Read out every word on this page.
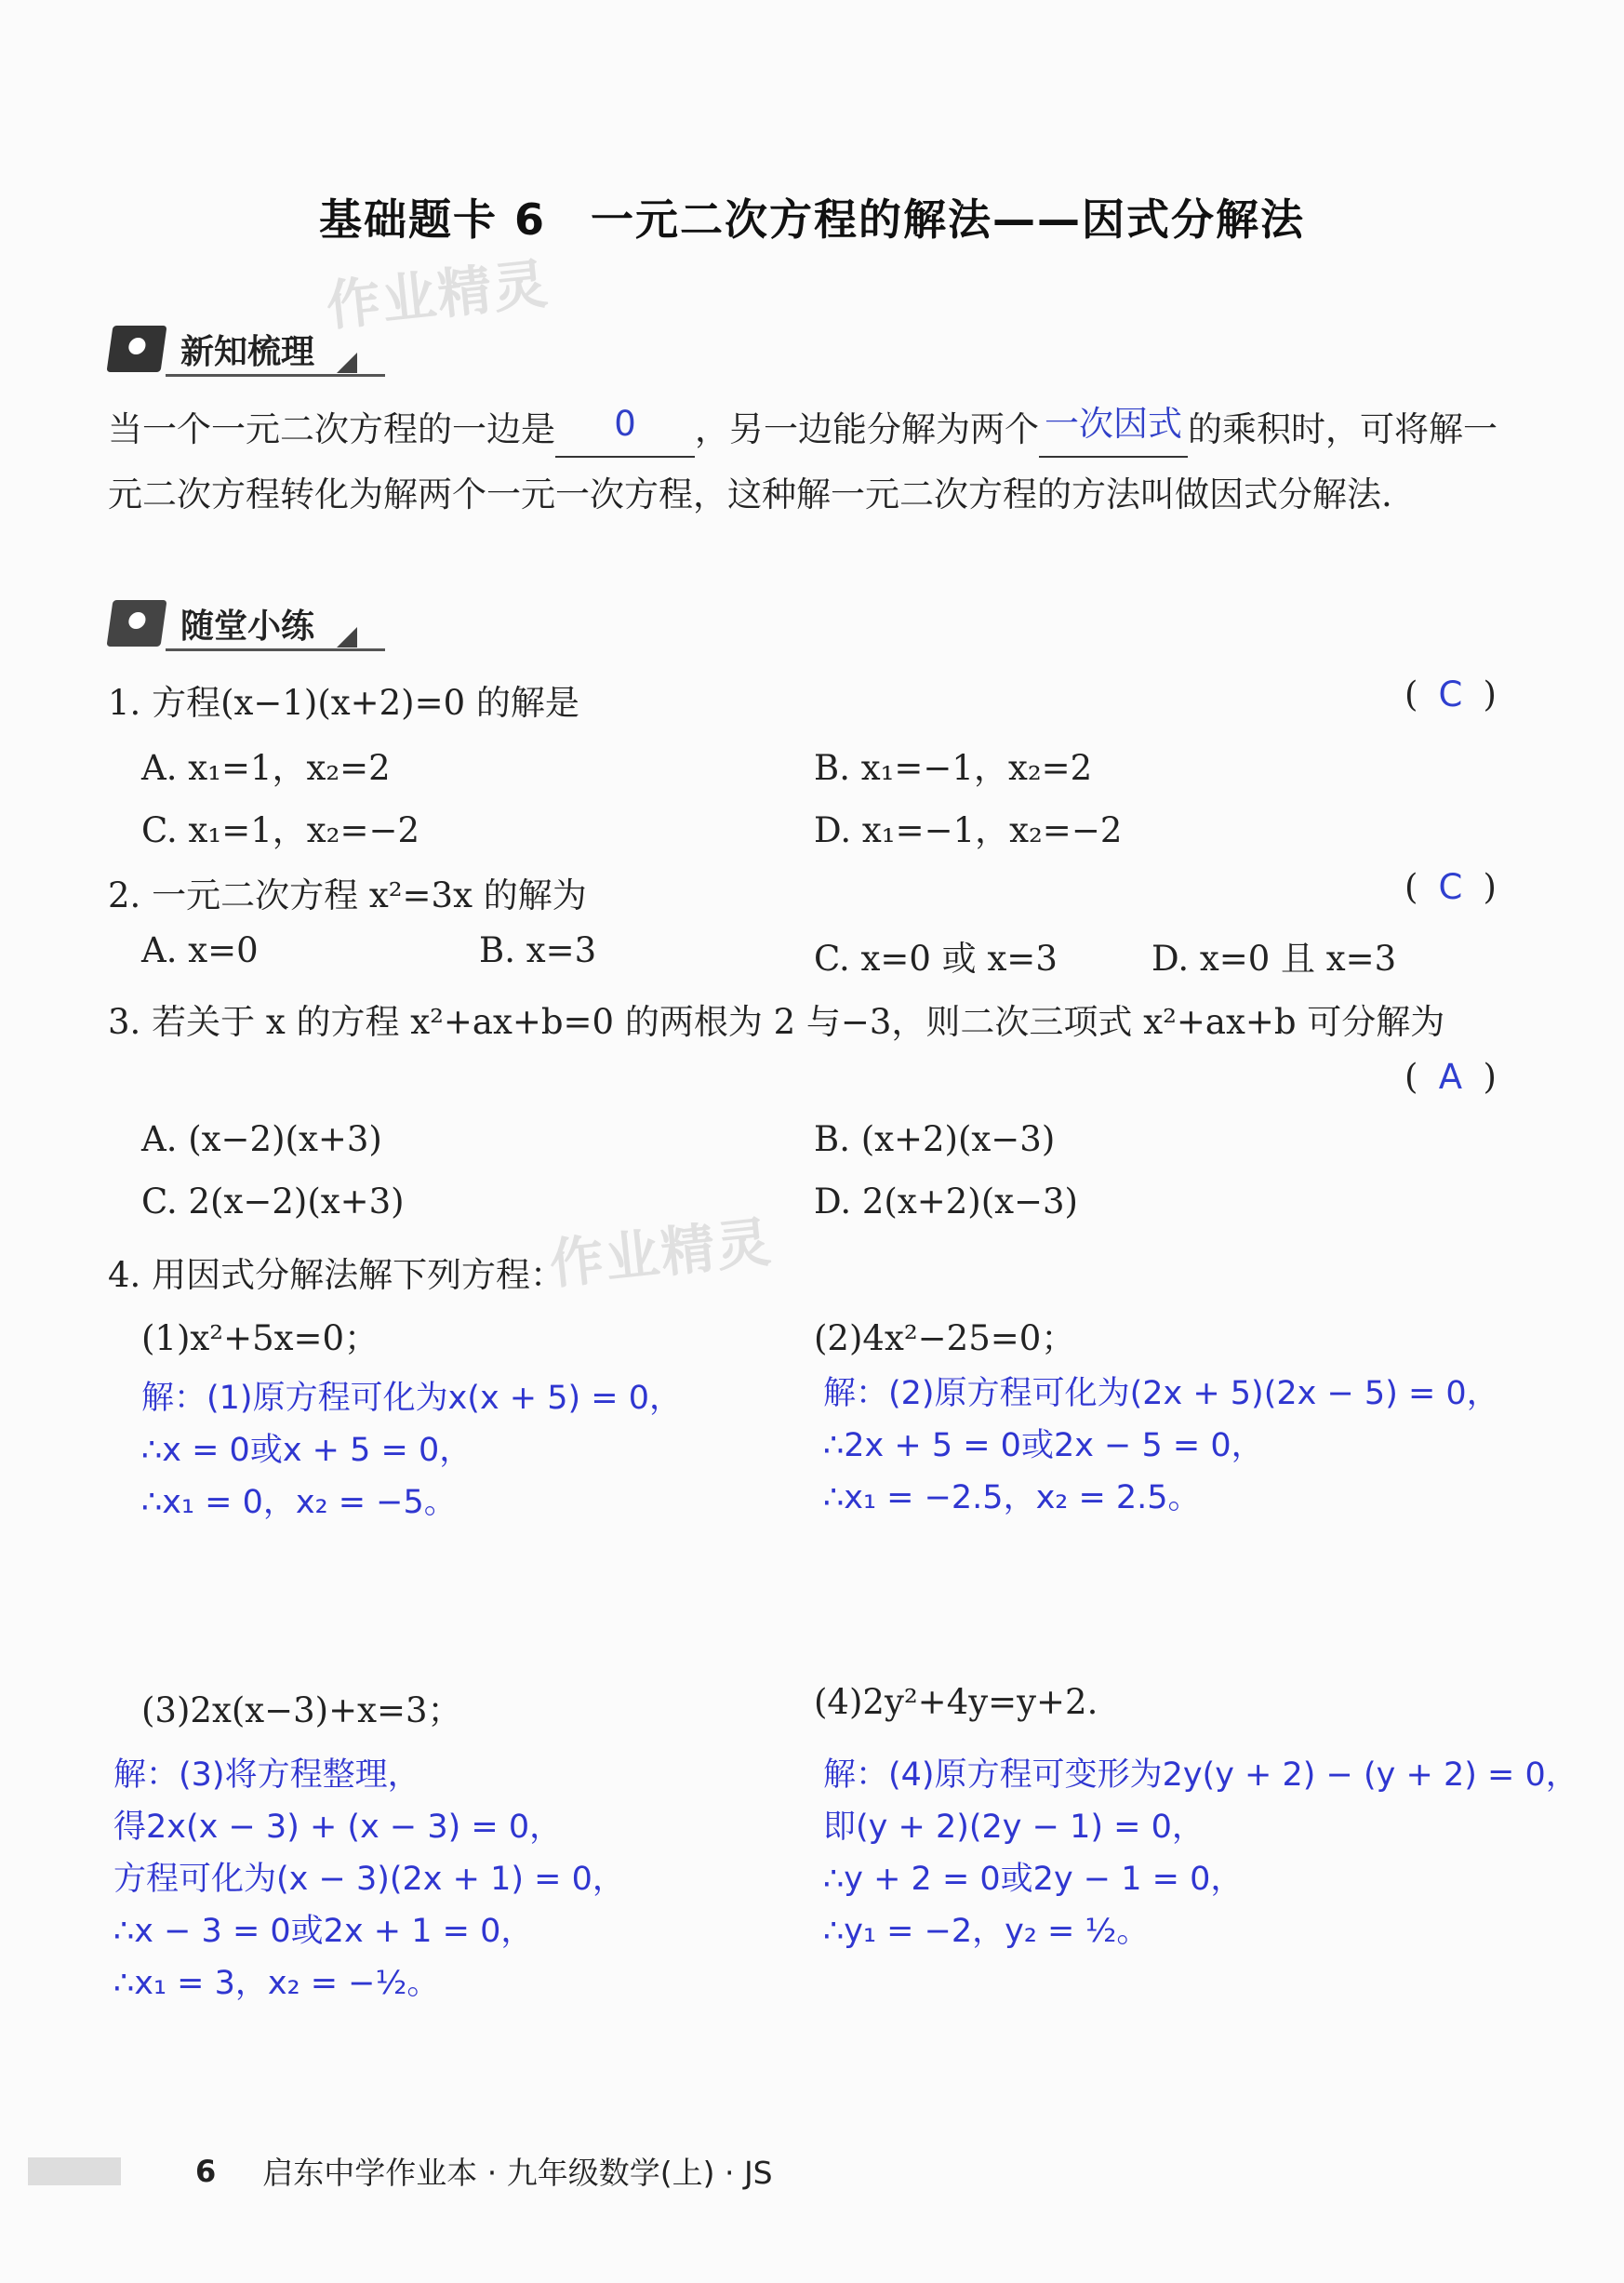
基础题卡 6　一元二次方程的解法——因式分解法
作业精灵
作业精灵
新知梳理
当一个一元二次方程的一边是 0 ，另一边能分解为两个 一次因式 的乘积时，可将解一元二次方程转化为解两个一元一次方程，这种解一元二次方程的方法叫做因式分解法.
随堂小练
1. 方程(x−1)(x+2)=0 的解是	( C )
A. x₁=1，x₂=2	B. x₁=−1，x₂=2
C. x₁=1，x₂=−2	D. x₁=−1，x₂=−2
2. 一元二次方程 x²=3x 的解为	( C )
A. x=0	B. x=3	C. x=0 或 x=3	D. x=0 且 x=3
3. 若关于 x 的方程 x²+ax+b=0 的两根为 2 与−3，则二次三项式 x²+ax+b 可分解为
( A )
A. (x−2)(x+3)	B. (x+2)(x−3)
C. 2(x−2)(x+3)	D. 2(x+2)(x−3)
4. 用因式分解法解下列方程：
(1)x²+5x=0；	(2)4x²−25=0；
解：(1)原方程可化为x(x + 5) = 0，
∴x = 0或x + 5 = 0，
∴x₁ = 0，x₂ = −5。
解：(2)原方程可化为(2x + 5)(2x − 5) = 0，
∴2x + 5 = 0或2x − 5 = 0，
∴x₁ = −2.5，x₂ = 2.5。
(3)2x(x−3)+x=3；	(4)2y²+4y=y+2.
解：(3)将方程整理，
得2x(x − 3) + (x − 3) = 0，
方程可化为(x − 3)(2x + 1) = 0，
∴x − 3 = 0或2x + 1 = 0，
∴x₁ = 3，x₂ = −½。
解：(4)原方程可变形为2y(y + 2) − (y + 2) = 0，
即(y + 2)(2y − 1) = 0，
∴y + 2 = 0或2y − 1 = 0，
∴y₁ = −2，y₂ = ½。
6 启东中学作业本 · 九年级数学(上) · JS
